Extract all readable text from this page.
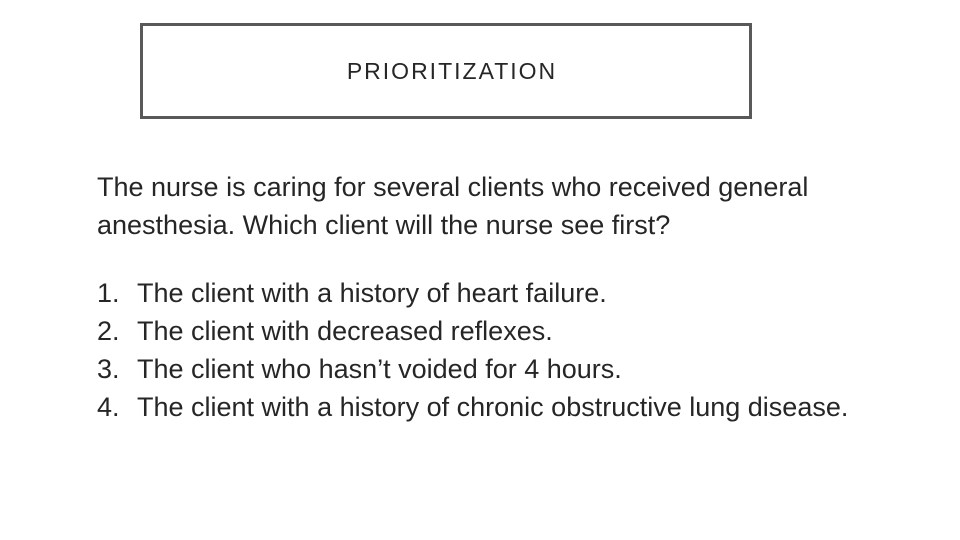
PRIORITIZATION

The nurse is caring for several clients who received general anesthesia. Which client will the nurse see first?

1. The client with a history of heart failure.
2. The client with decreased reflexes.
3. The client who hasn’t voided for 4 hours.
4. The client with a history of chronic obstructive lung disease.
